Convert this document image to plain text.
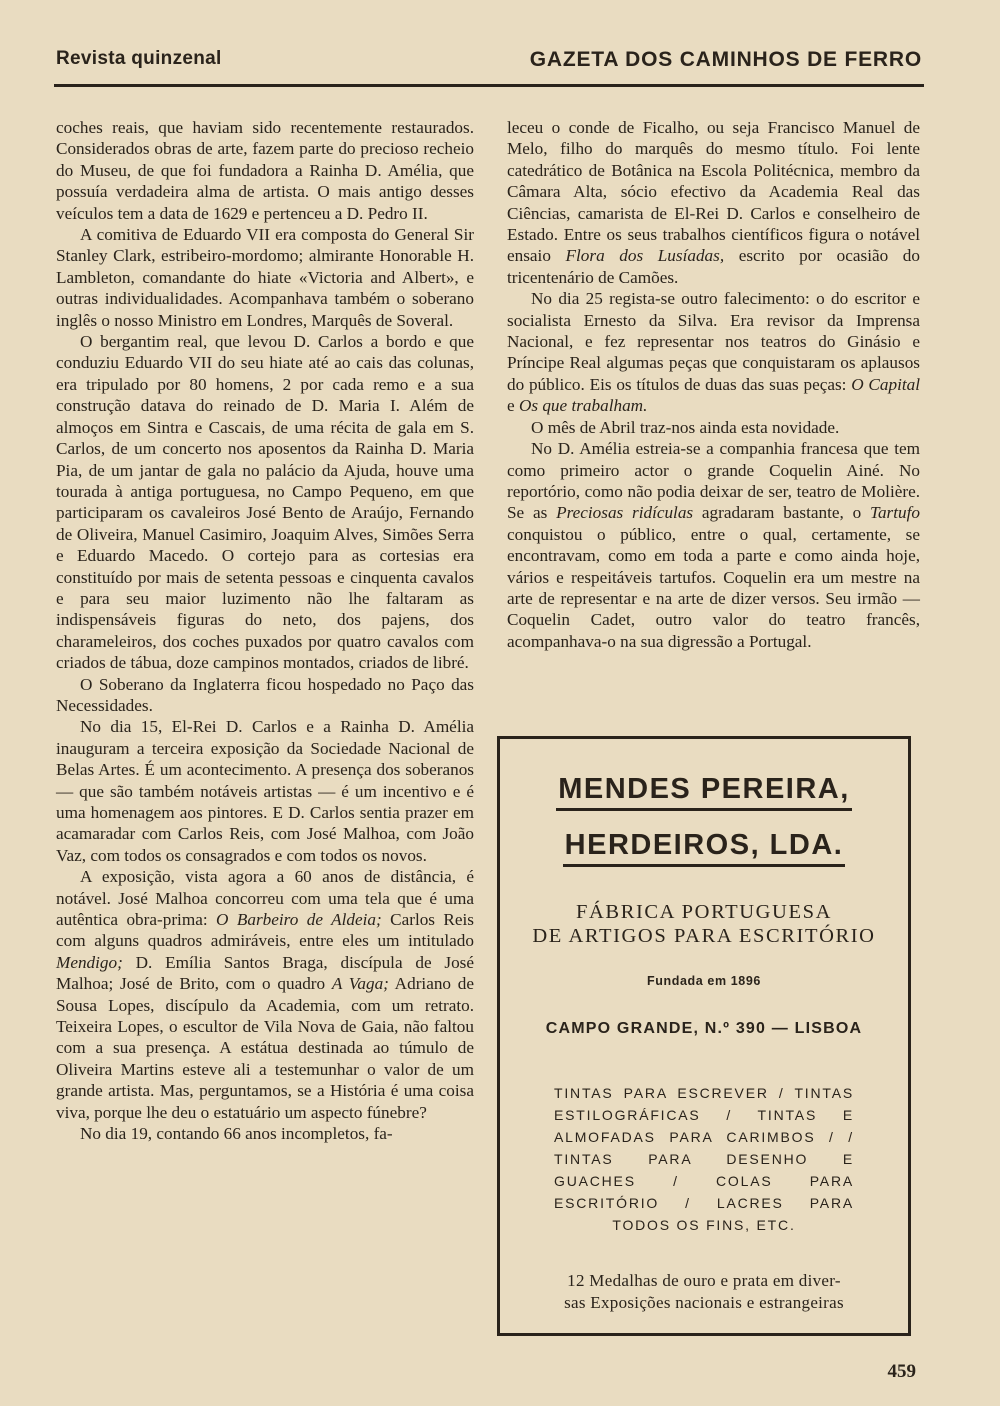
Revista quinzenal	GAZETA DOS CAMINHOS DE FERRO

coches reais, que haviam sido recentemente restaurados. Considerados obras de arte, fazem parte do precioso recheio do Museu, de que foi fundadora a Rainha D. Amélia, que possuía verdadeira alma de artista. O mais antigo desses veículos tem a data de 1629 e pertenceu a D. Pedro II.

A comitiva de Eduardo VII era composta do General Sir Stanley Clark, estribeiro-mordomo; almirante Honorable H. Lambleton, comandante do hiate «Victoria and Albert», e outras individualidades. Acompanhava também o soberano inglês o nosso Ministro em Londres, Marquês de Soveral.

O bergantim real, que levou D. Carlos a bordo e que conduziu Eduardo VII do seu hiate até ao cais das colunas, era tripulado por 80 homens, 2 por cada remo e a sua construção datava do reinado de D. Maria I. Além de almoços em Sintra e Cascais, de uma récita de gala em S. Carlos, de um concerto nos aposentos da Rainha D. Maria Pia, de um jantar de gala no palácio da Ajuda, houve uma tourada à antiga portuguesa, no Campo Pequeno, em que participaram os cavaleiros José Bento de Araújo, Fernando de Oliveira, Manuel Casimiro, Joaquim Alves, Simões Serra e Eduardo Macedo. O cortejo para as cortesias era constituído por mais de setenta pessoas e cinquenta cavalos e para seu maior luzimento não lhe faltaram as indispensáveis figuras do neto, dos pajens, dos charameleiros, dos coches puxados por quatro cavalos com criados de tábua, doze campinos montados, criados de libré.

O Soberano da Inglaterra ficou hospedado no Paço das Necessidades.

No dia 15, El-Rei D. Carlos e a Rainha D. Amélia inauguram a terceira exposição da Sociedade Nacional de Belas Artes. É um acontecimento. A presença dos soberanos — que são também notáveis artistas — é um incentivo e é uma homenagem aos pintores. E D. Carlos sentia prazer em acamaradar com Carlos Reis, com José Malhoa, com João Vaz, com todos os consagrados e com todos os novos.

A exposição, vista agora a 60 anos de distância, é notável. José Malhoa concorreu com uma tela que é uma autêntica obra-prima: O Barbeiro de Aldeia; Carlos Reis com alguns quadros admiráveis, entre eles um intitulado Mendigo; D. Emília Santos Braga, discípula de José Malhoa; José de Brito, com o quadro A Vaga; Adriano de Sousa Lopes, discípulo da Academia, com um retrato. Teixeira Lopes, o escultor de Vila Nova de Gaia, não faltou com a sua presença. A estátua destinada ao túmulo de Oliveira Martins esteve ali a testemunhar o valor de um grande artista. Mas, perguntamos, se a História é uma coisa viva, porque lhe deu o estatuário um aspecto fúnebre?

No dia 19, contando 66 anos incompletos, fa-

leceu o conde de Ficalho, ou seja Francisco Manuel de Melo, filho do marquês do mesmo título. Foi lente catedrático de Botânica na Escola Politécnica, membro da Câmara Alta, sócio efectivo da Academia Real das Ciências, camarista de El-Rei D. Carlos e conselheiro de Estado. Entre os seus trabalhos científicos figura o notável ensaio Flora dos Lusíadas, escrito por ocasião do tricentenário de Camões.

No dia 25 regista-se outro falecimento: o do escritor e socialista Ernesto da Silva. Era revisor da Imprensa Nacional, e fez representar nos teatros do Ginásio e Príncipe Real algumas peças que conquistaram os aplausos do público. Eis os títulos de duas das suas peças: O Capital e Os que trabalham.

O mês de Abril traz-nos ainda esta novidade.

No D. Amélia estreia-se a companhia francesa que tem como primeiro actor o grande Coquelin Ainé. No reportório, como não podia deixar de ser, teatro de Molière. Se as Preciosas ridículas agradaram bastante, o Tartufo conquistou o público, entre o qual, certamente, se encontravam, como em toda a parte e como ainda hoje, vários e respeitáveis tartufos. Coquelin era um mestre na arte de representar e na arte de dizer versos. Seu irmão — Coquelin Cadet, outro valor do teatro francês, acompanhava-o na sua digressão a Portugal.

MENDES PEREIRA,
HERDEIROS, LDA.
FÁBRICA PORTUGUESA
DE ARTIGOS PARA ESCRITÓRIO
Fundada em 1896
CAMPO GRANDE, N.º 390 — LISBOA
TINTAS PARA ESCREVER / TINTAS ESTILOGRÁFICAS / TINTAS E ALMOFADAS PARA CARIMBOS / / TINTAS PARA DESENHO E GUACHES / COLAS PARA ESCRITÓRIO / LACRES PARA TODOS OS FINS, ETC.
12 Medalhas de ouro e prata em diver-
sas Exposições nacionais e estrangeiras
459
